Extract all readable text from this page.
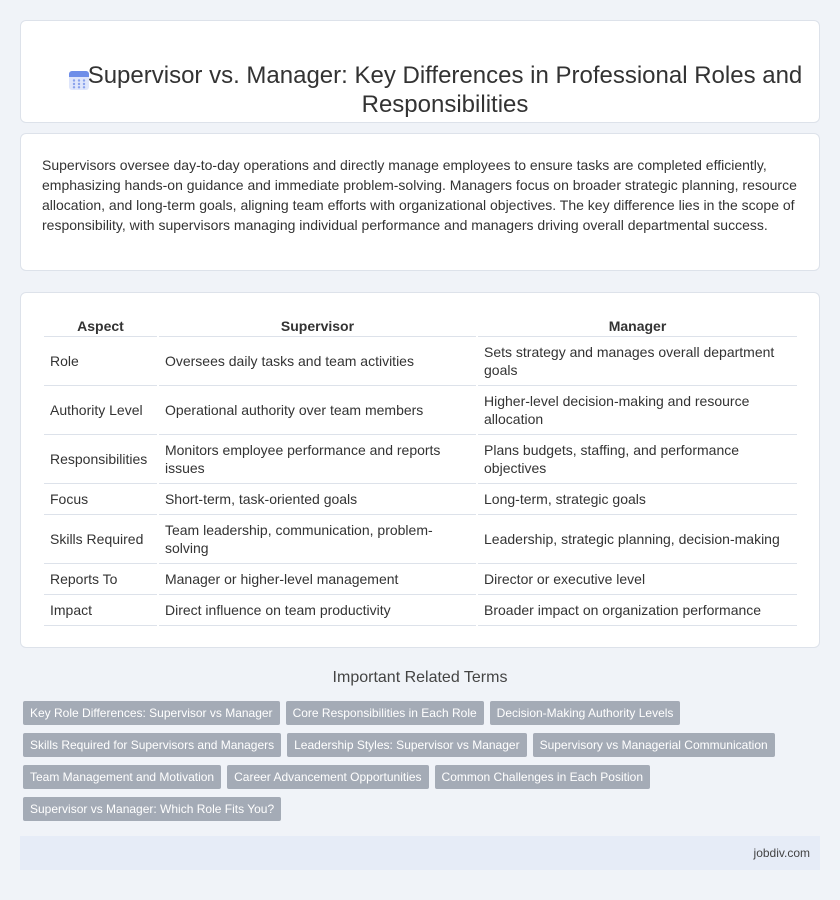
Supervisor vs. Manager: Key Differences in Professional Roles and Responsibilities

Supervisors oversee day-to-day operations and directly manage employees to ensure tasks are completed efficiently, emphasizing hands-on guidance and immediate problem-solving. Managers focus on broader strategic planning, resource allocation, and long-term goals, aligning team efforts with organizational objectives. The key difference lies in the scope of responsibility, with supervisors managing individual performance and managers driving overall departmental success.

Aspect	Supervisor	Manager
Role	Oversees daily tasks and team activities	Sets strategy and manages overall department goals
Authority Level	Operational authority over team members	Higher-level decision-making and resource allocation
Responsibilities	Monitors employee performance and reports issues	Plans budgets, staffing, and performance objectives
Focus	Short-term, task-oriented goals	Long-term, strategic goals
Skills Required	Team leadership, communication, problem-solving	Leadership, strategic planning, decision-making
Reports To	Manager or higher-level management	Director or executive level
Impact	Direct influence on team productivity	Broader impact on organization performance
Important Related Terms
Key Role Differences: Supervisor vs Manager Core Responsibilities in Each Role Decision-Making Authority Levels
Skills Required for Supervisors and Managers Leadership Styles: Supervisor vs Manager Supervisory vs Managerial Communication
Team Management and Motivation Career Advancement Opportunities Common Challenges in Each Position
Supervisor vs Manager: Which Role Fits You?
jobdiv.com
